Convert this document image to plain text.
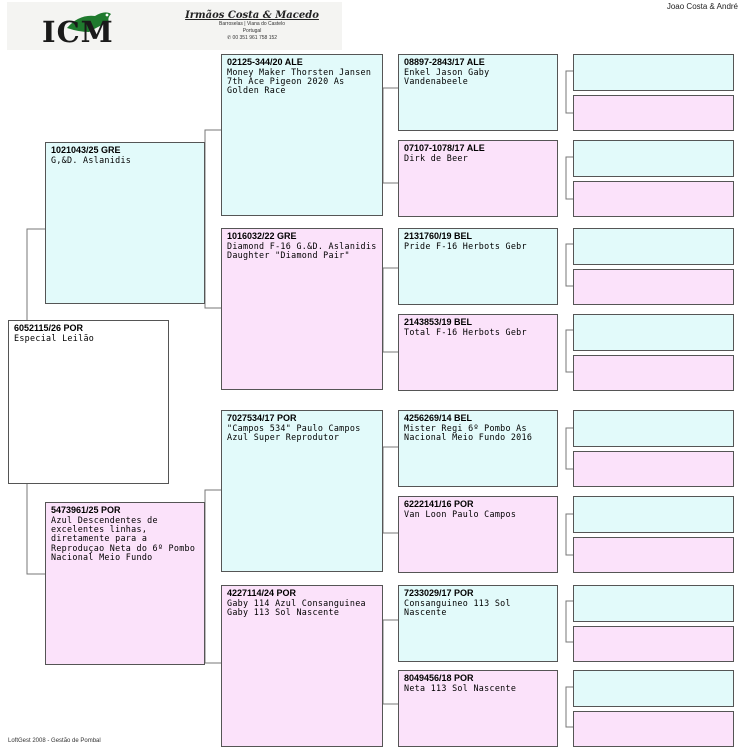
ICM	Irmãos Costa & Macedo
Barroselas | Viana do Castelo
Portugal
✆ 00 351 961 758 152
Joao Costa & André
6052115/26 POR
Especial Leilão
1021043/25 GRE
G,&D. Aslanidis
5473961/25 POR
Azul Descendentes de excelentes linhas, diretamente para a Reproduçao Neta do 6º Pombo Nacional Meio Fundo
02125-344/20 ALE
Money Maker Thorsten Jansen 7th Ace Pigeon 2020 As Golden Race
1016032/22 GRE
Diamond F-16 G.&D. Aslanidis Daughter "Diamond Pair"
7027534/17 POR
"Campos 534" Paulo Campos Azul Super Reprodutor
4227114/24 POR
Gaby 114 Azul Consanguinea Gaby 113 Sol Nascente
08897-2843/17 ALE
Enkel Jason Gaby Vandenabeele
07107-1078/17 ALE
Dirk de Beer
2131760/19 BEL
Pride F-16 Herbots Gebr
2143853/19 BEL
Total F-16 Herbots Gebr
4256269/14 BEL
Mister Regi 6º Pombo As Nacional Meio Fundo 2016
6222141/16 POR
Van Loon Paulo Campos
7233029/17 POR
Consanguineo 113 Sol Nascente
8049456/18 POR
Neta 113 Sol Nascente
LoftGest 2008 - Gestão de Pombal
